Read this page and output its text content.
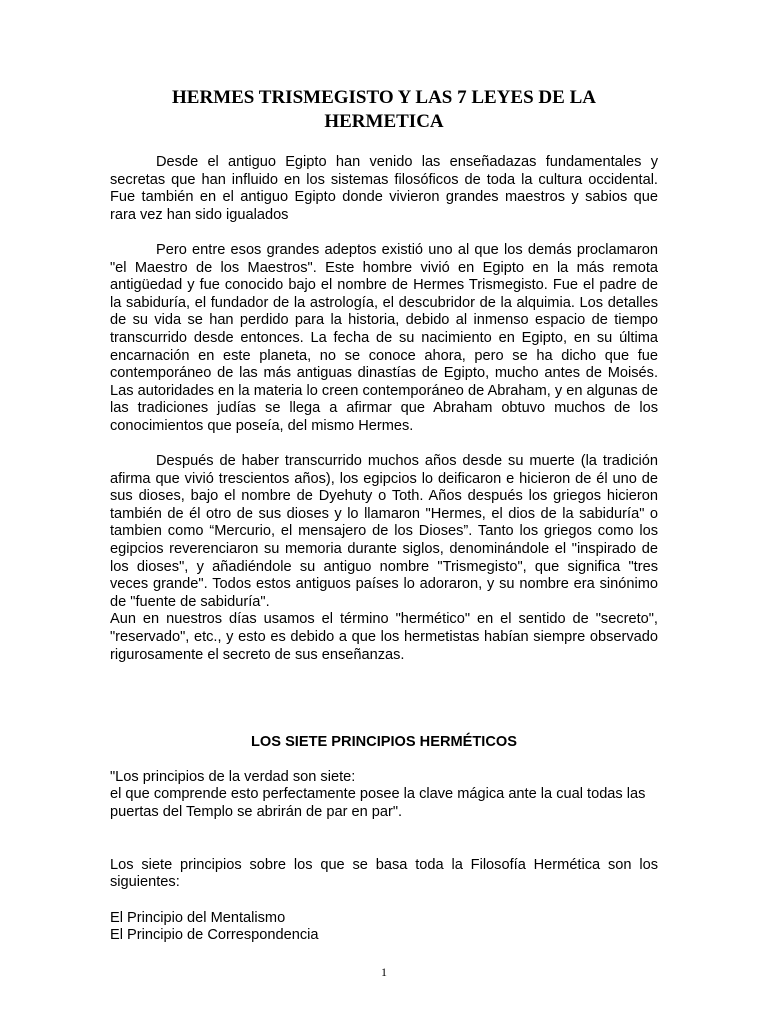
HERMES TRISMEGISTO Y LAS 7 LEYES DE LA HERMETICA

Desde el antiguo Egipto han venido las enseñadazas fundamentales y secretas que han influido en los sistemas filosóficos de toda la cultura occidental. Fue también en el antiguo Egipto donde vivieron grandes maestros y sabios que rara vez han sido igualados

Pero entre esos grandes adeptos existió uno al que los demás proclamaron "el Maestro de los Maestros". Este hombre vivió en Egipto en la más remota antigüedad y fue conocido bajo el nombre de Hermes Trismegisto. Fue el padre de la sabiduría, el fundador de la astrología, el descubridor de la alquimia. Los detalles de su vida se han perdido para la historia, debido al inmenso espacio de tiempo transcurrido desde entonces. La fecha de su nacimiento en Egipto, en su última encarnación en este planeta, no se conoce ahora, pero se ha dicho que fue contemporáneo de las más antiguas dinastías de Egipto, mucho antes de Moisés. Las autoridades en la materia lo creen contemporáneo de Abraham, y en algunas de las tradiciones judías se llega a afirmar que Abraham obtuvo muchos de los conocimientos que poseía, del mismo Hermes.

Después de haber transcurrido muchos años desde su muerte (la tradición afirma que vivió trescientos años), los egipcios lo deificaron e hicieron de él uno de sus dioses, bajo el nombre de Dyehuty o Toth. Años después los griegos hicieron también de él otro de sus dioses y lo llamaron "Hermes, el dios de la sabiduría" o tambien como “Mercurio, el mensajero de los Dioses”. Tanto los griegos como los egipcios reverenciaron su memoria durante siglos, denominándole el "inspirado de los dioses", y añadiéndole su antiguo nombre "Trismegisto", que significa "tres veces grande". Todos estos antiguos países lo adoraron, y su nombre era sinónimo de "fuente de sabiduría".

Aun en nuestros días usamos el término "hermético" en el sentido de "secreto", "reservado", etc., y esto es debido a que los hermetistas habían siempre observado rigurosamente el secreto de sus enseñanzas.

LOS SIETE PRINCIPIOS HERMÉTICOS

"Los principios de la verdad son siete:

el que comprende esto perfectamente posee la clave mágica ante la cual todas las puertas del Templo se abrirán de par en par".

Los siete principios sobre los que se basa toda la Filosofía Hermética son los siguientes:

El Principio del Mentalismo
El Principio de Correspondencia
1
